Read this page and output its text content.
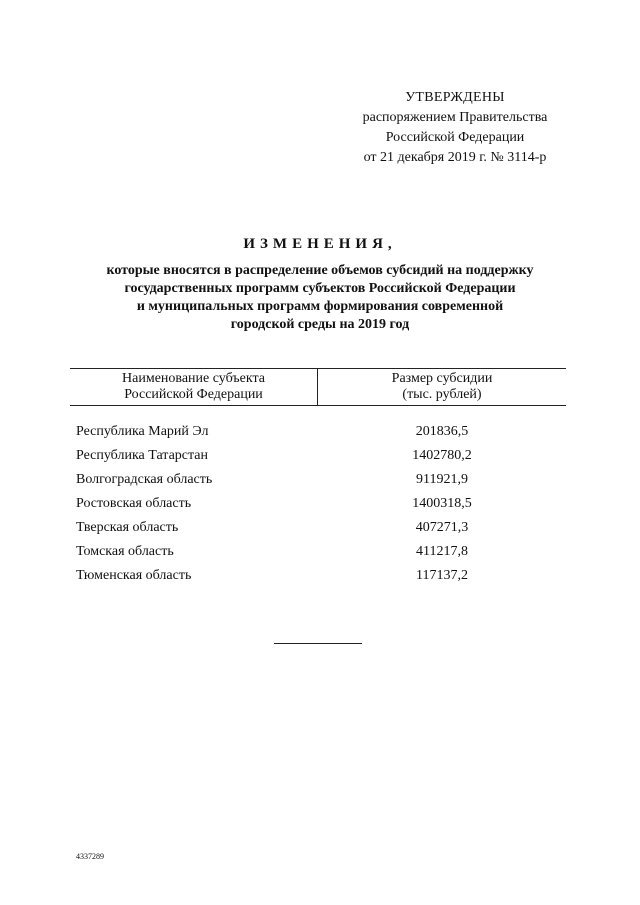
УТВЕРЖДЕНЫ
распоряжением Правительства
Российской Федерации
от 21 декабря 2019 г. № 3114-р
ИЗМЕНЕНИЯ,
которые вносятся в распределение объемов субсидий на поддержку
государственных программ субъектов Российской Федерации
и муниципальных программ формирования современной
городской среды на 2019 год
Наименование субъекта
Российской Федерации
Размер субсидии
(тыс. рублей)
Республика Марий Эл	201836,5
Республика Татарстан	1402780,2
Волгоградская область	911921,9
Ростовская область	1400318,5
Тверская область	407271,3
Томская область	411217,8
Тюменская область	117137,2
4337289
